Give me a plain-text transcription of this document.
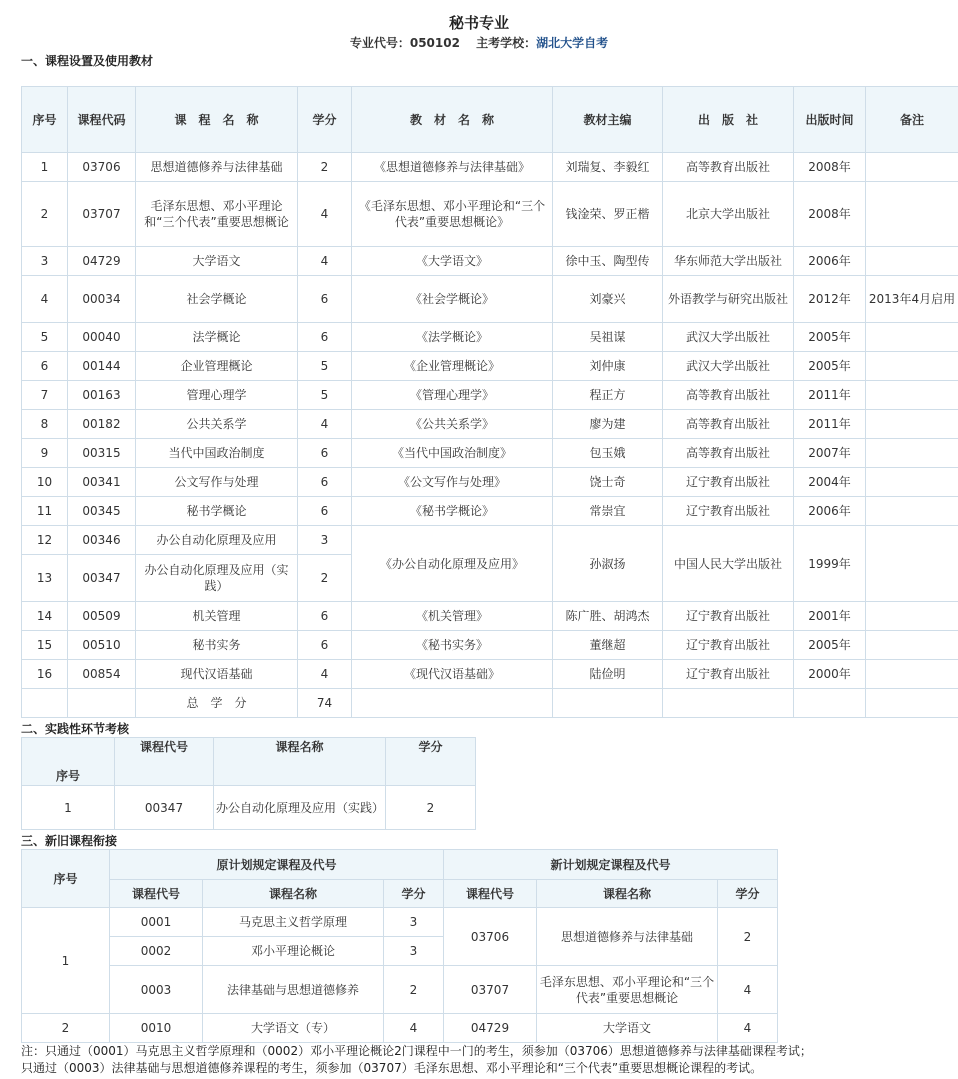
秘书专业
专业代号：050102　 主考学校：湖北大学自考
一、课程设置及使用教材
序号	课程代码	课　程　名　称	学分	教　材　名　称	教材主编	出　版　社	出版时间	备注
1	03706	思想道德修养与法律基础	2	《思想道德修养与法律基础》	刘瑞复、李毅红	高等教育出版社	2008年	
2	03707	毛泽东思想、邓小平理论和“三个代表”重要思想概论	4	《毛泽东思想、邓小平理论和“三个代表”重要思想概论》	钱淦荣、罗正楷	北京大学出版社	2008年	
3	04729	大学语文	4	《大学语文》	徐中玉、陶型传	华东师范大学出版社	2006年	
4	00034	社会学概论	6	《社会学概论》	刘豪兴	外语教学与研究出版社	2012年	2013年4月启用
5	00040	法学概论	6	《法学概论》	吴祖谋	武汉大学出版社	2005年	
6	00144	企业管理概论	5	《企业管理概论》	刘仲康	武汉大学出版社	2005年	
7	00163	管理心理学	5	《管理心理学》	程正方	高等教育出版社	2011年	
8	00182	公共关系学	4	《公共关系学》	廖为建	高等教育出版社	2011年	
9	00315	当代中国政治制度	6	《当代中国政治制度》	包玉娥	高等教育出版社	2007年	
10	00341	公文写作与处理	6	《公文写作与处理》	饶士奇	辽宁教育出版社	2004年	
11	00345	秘书学概论	6	《秘书学概论》	常崇宜	辽宁教育出版社	2006年	
12	00346	办公自动化原理及应用	3	《办公自动化原理及应用》	孙淑扬	中国人民大学出版社	1999年	
13	00347	办公自动化原理及应用（实践）	2					
14	00509	机关管理	6	《机关管理》	陈广胜、胡鸿杰	辽宁教育出版社	2001年	
15	00510	秘书实务	6	《秘书实务》	董继超	辽宁教育出版社	2005年	
16	00854	现代汉语基础	4	《现代汉语基础》	陆俭明	辽宁教育出版社	2000年	
		总　学　分	74					
二、实践性环节考核
序号	课程代号	课程名称	学分
1	00347	办公自动化原理及应用（实践）	2
三、新旧课程衔接
序号	原计划规定课程及代号			新计划规定课程及代号		
	课程代号	课程名称	学分	课程代号	课程名称	学分
1	0001	马克思主义哲学原理	3	03706	思想道德修养与法律基础	2
	0002	邓小平理论概论	3			
	0003	法律基础与思想道德修养	2	03707	毛泽东思想、邓小平理论和“三个代表”重要思想概论	4
2	0010	大学语文（专）	4	04729	大学语文	4
注：只通过（0001）马克思主义哲学原理和（0002）邓小平理论概论2门课程中一门的考生，须参加（03706）思想道德修养与法律基础课程考试；
只通过（0003）法律基础与思想道德修养课程的考生，须参加（03707）毛泽东思想、邓小平理论和“三个代表”重要思想概论课程的考试。
